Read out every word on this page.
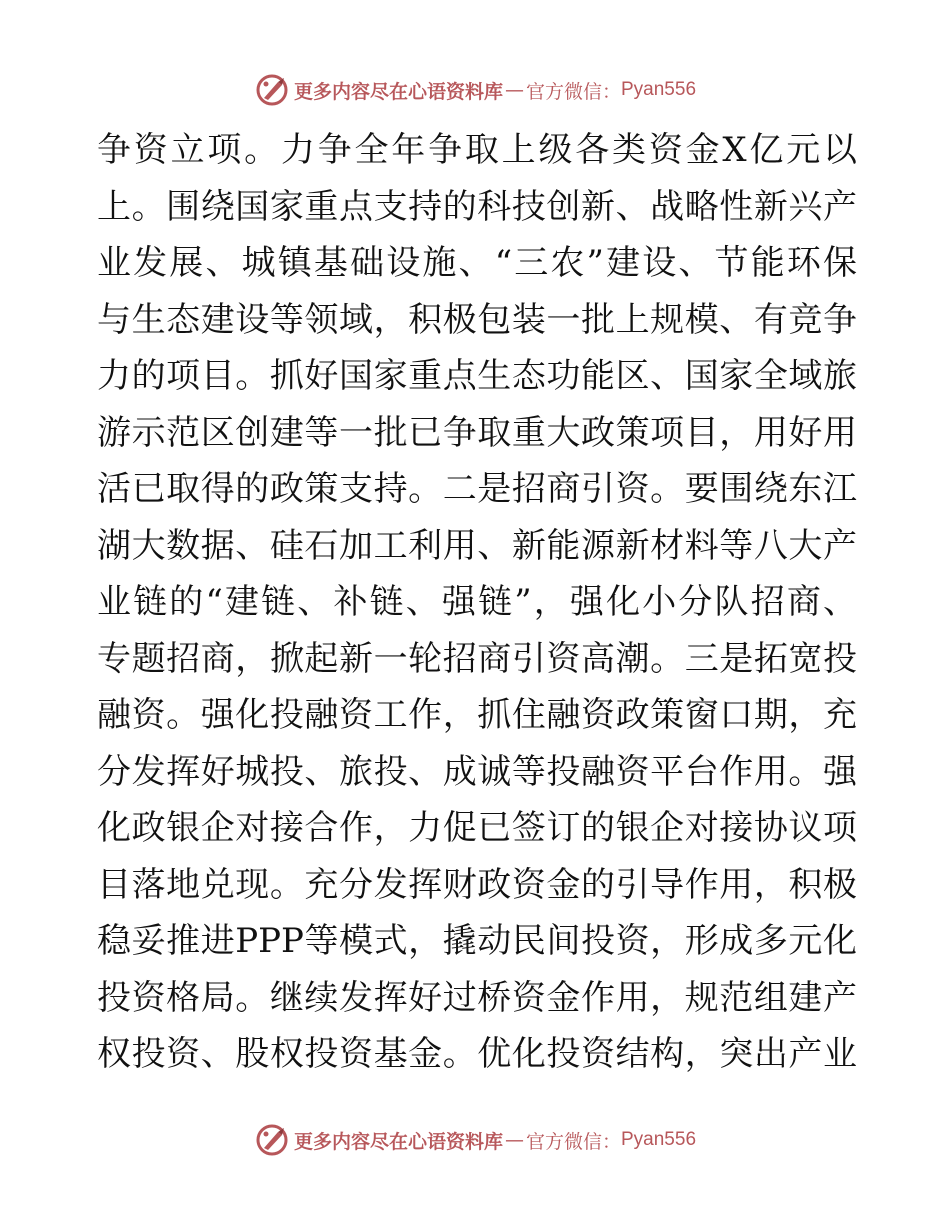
更多内容尽在心语资料库 — 官方微信： Pyan556
争资立项。力争全年争取上级各类资金X亿元以
上。围绕国家重点支持的科技创新、战略性新兴产
业发展、城镇基础设施、“三农”建设、节能环保
与生态建设等领域，积极包装一批上规模、有竞争
力的项目。抓好国家重点生态功能区、国家全域旅
游示范区创建等一批已争取重大政策项目，用好用
活已取得的政策支持。二是招商引资。要围绕东江
湖大数据、硅石加工利用、新能源新材料等八大产
业链的“建链、补链、强链”，强化小分队招商、
专题招商，掀起新一轮招商引资高潮。三是拓宽投
融资。强化投融资工作，抓住融资政策窗口期，充
分发挥好城投、旅投、成诚等投融资平台作用。强
化政银企对接合作，力促已签订的银企对接协议项
目落地兑现。充分发挥财政资金的引导作用，积极
稳妥推进PPP等模式，撬动民间投资，形成多元化
投资格局。继续发挥好过桥资金作用，规范组建产
权投资、股权投资基金。优化投资结构，突出产业
更多内容尽在心语资料库 — 官方微信： Pyan556
